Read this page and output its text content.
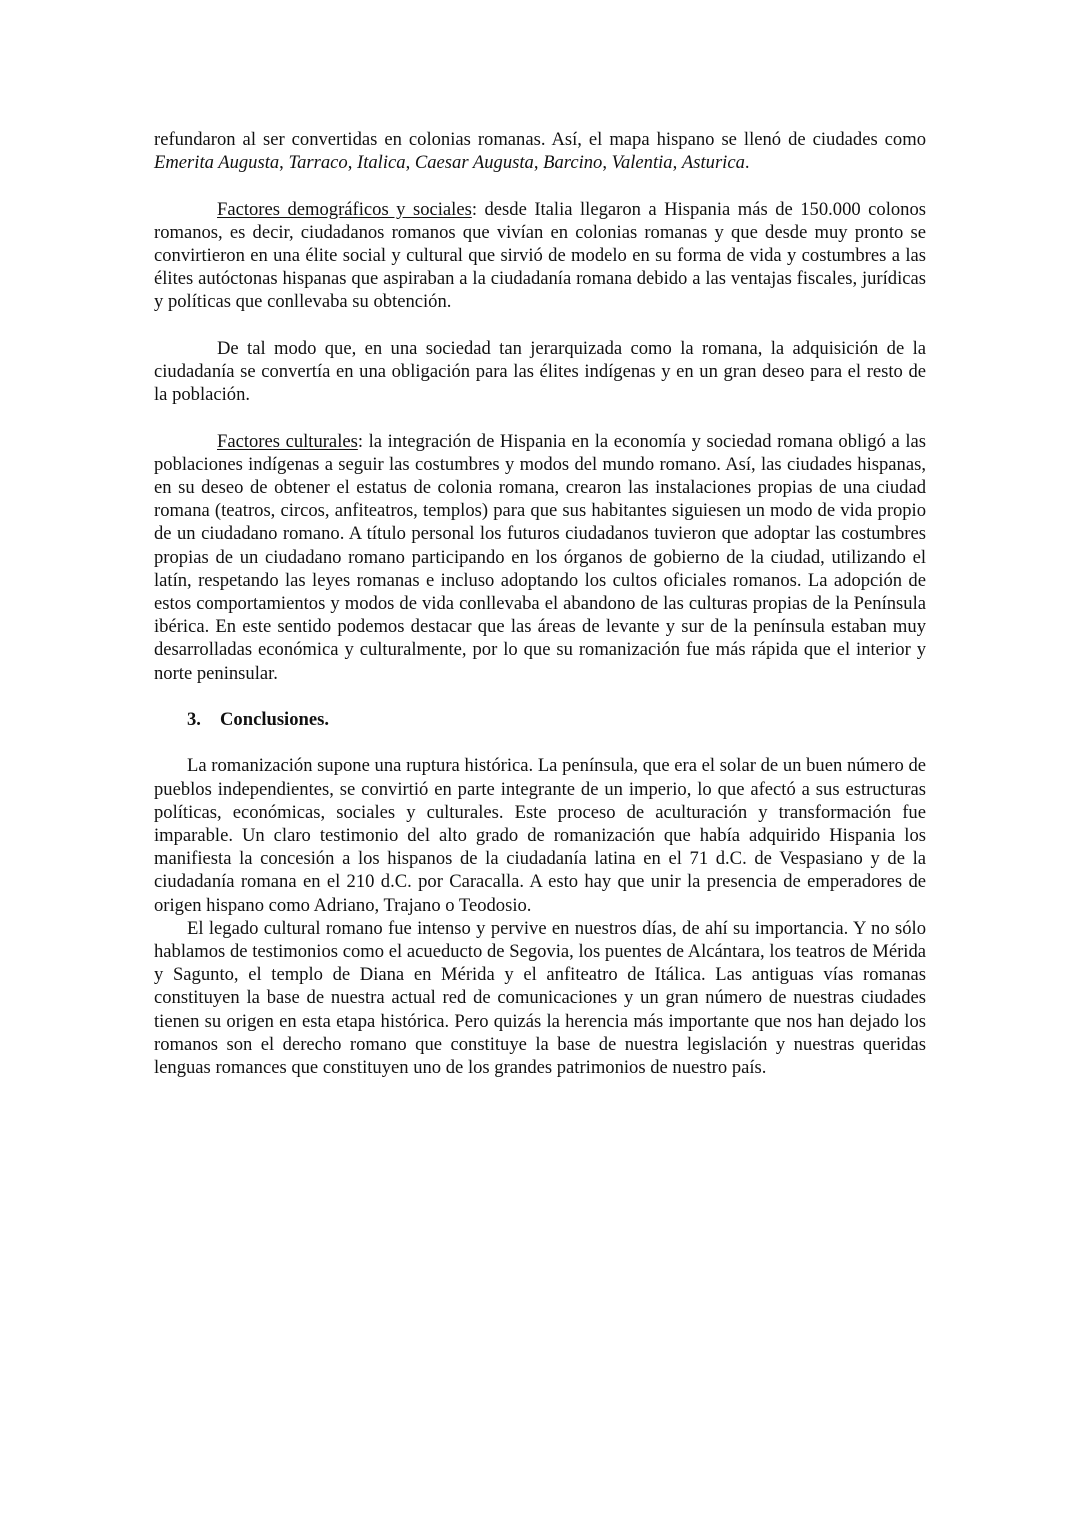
refundaron al ser convertidas en colonias romanas. Así, el mapa hispano se llenó de ciudades como Emerita Augusta, Tarraco, Italica, Caesar Augusta, Barcino, Valentia, Asturica.

Factores demográficos y sociales: desde Italia llegaron a Hispania más de 150.000 colonos romanos, es decir, ciudadanos romanos que vivían en colonias romanas y que desde muy pronto se convirtieron en una élite social y cultural que sirvió de modelo en su forma de vida y costumbres a las élites autóctonas hispanas que aspiraban a la ciudadanía romana debido a las ventajas fiscales, jurídicas y políticas que conllevaba su obtención.

De tal modo que, en una sociedad tan jerarquizada como la romana, la adquisición de la ciudadanía se convertía en una obligación para las élites indígenas y en un gran deseo para el resto de la población.

Factores culturales: la integración de Hispania en la economía y sociedad romana obligó a las poblaciones indígenas a seguir las costumbres y modos del mundo romano. Así, las ciudades hispanas, en su deseo de obtener el estatus de colonia romana, crearon las instalaciones propias de una ciudad romana (teatros, circos, anfiteatros, templos) para que sus habitantes siguiesen un modo de vida propio de un ciudadano romano. A título personal los futuros ciudadanos tuvieron que adoptar las costumbres propias de un ciudadano romano participando en los órganos de gobierno de la ciudad, utilizando el latín, respetando las leyes romanas e incluso adoptando los cultos oficiales romanos. La adopción de estos comportamientos y modos de vida conllevaba el abandono de las culturas propias de la Península ibérica. En este sentido podemos destacar que las áreas de levante y sur de la península estaban muy desarrolladas económica y culturalmente, por lo que su romanización fue más rápida que el interior y norte peninsular.

3. Conclusiones.

La romanización supone una ruptura histórica. La península, que era el solar de un buen número de pueblos independientes, se convirtió en parte integrante de un imperio, lo que afectó a sus estructuras políticas, económicas, sociales y culturales. Este proceso de aculturación y transformación fue imparable. Un claro testimonio del alto grado de romanización que había adquirido Hispania los manifiesta la concesión a los hispanos de la ciudadanía latina en el 71 d.C. de Vespasiano y de la ciudadanía romana en el 210 d.C. por Caracalla. A esto hay que unir la presencia de emperadores de origen hispano como Adriano, Trajano o Teodosio.

El legado cultural romano fue intenso y pervive en nuestros días, de ahí su importancia. Y no sólo hablamos de testimonios como el acueducto de Segovia, los puentes de Alcántara, los teatros de Mérida y Sagunto, el templo de Diana en Mérida y el anfiteatro de Itálica. Las antiguas vías romanas constituyen la base de nuestra actual red de comunicaciones y un gran número de nuestras ciudades tienen su origen en esta etapa histórica. Pero quizás la herencia más importante que nos han dejado los romanos son el derecho romano que constituye la base de nuestra legislación y nuestras queridas lenguas romances que constituyen uno de los grandes patrimonios de nuestro país.
